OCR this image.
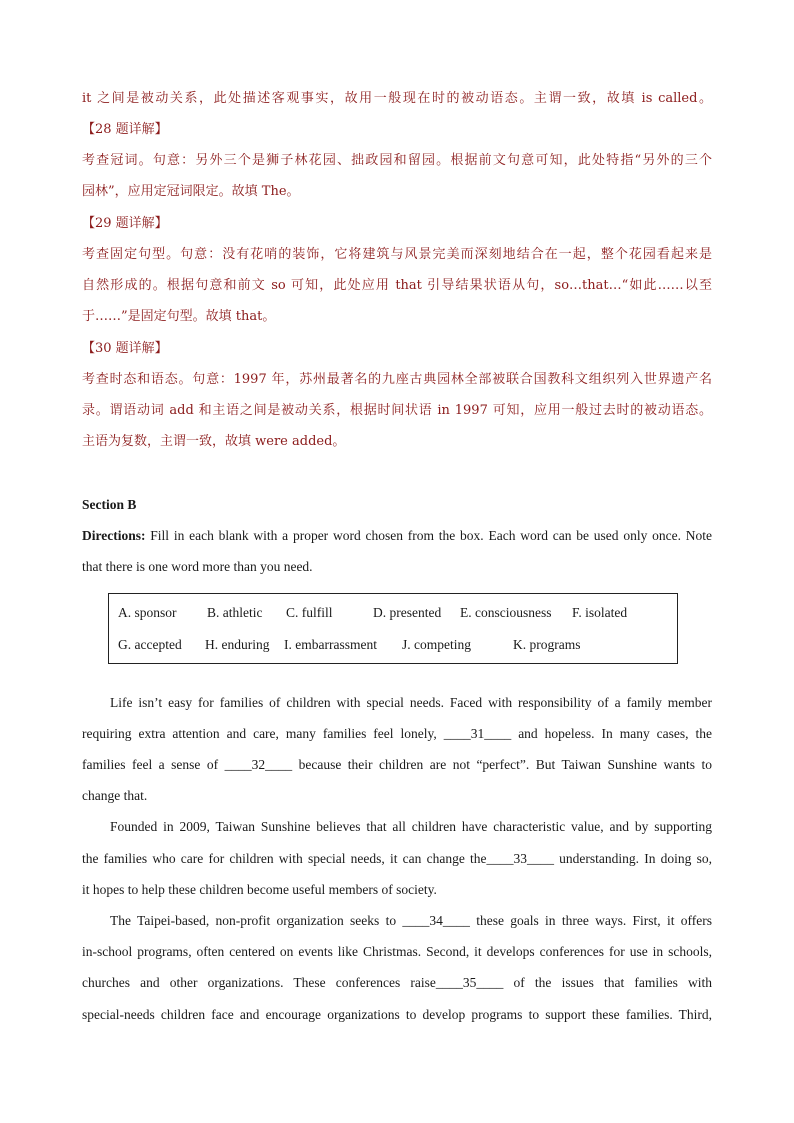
it 之间是被动关系，此处描述客观事实，故用一般现在时的被动语态。主谓一致，故填 is called。
【28 题详解】
考查冠词。句意：另外三个是狮子林花园、拙政园和留园。根据前文句意可知，此处特指“另外的三个
园林”，应用定冠词限定。故填 The。
【29 题详解】
考查固定句型。句意：没有花哨的装饰，它将建筑与风景完美而深刻地结合在一起，整个花园看起来是
自然形成的。根据句意和前文 so 可知，此处应用 that 引导结果状语从句，so…that…“如此……以至
于……”是固定句型。故填 that。
【30 题详解】
考查时态和语态。句意：1997 年，苏州最著名的九座古典园林全部被联合国教科文组织列入世界遗产名
录。谓语动词 add 和主语之间是被动关系，根据时间状语 in 1997 可知，应用一般过去时的被动语态。
主语为复数，主谓一致，故填 were added。
Section B
Directions: Fill in each blank with a proper word chosen from the box. Each word can be used only once. Note
that there is one word more than you need.
A. sponsor B. athletic C. fulfill	D. presented E. consciousness F. isolated
G. accepted H. enduring I. embarrassment J. competing	K. programs
Life isn’t easy for families of children with special needs. Faced with responsibility of a family member
requiring extra attention and care, many families feel lonely, ____31____ and hopeless. In many cases, the
families feel a sense of ____32____ because their children are not “perfect”. But Taiwan Sunshine wants to
change that.
Founded in 2009, Taiwan Sunshine believes that all children have characteristic value, and by supporting
the families who care for children with special needs, it can change the____33____ understanding. In doing so,
it hopes to help these children become useful members of society.
The Taipei-based, non-profit organization seeks to ____34____ these goals in three ways. First, it offers
in-school programs, often centered on events like Christmas. Second, it develops conferences for use in schools,
churches and other organizations. These conferences raise____35____ of the issues that families with
special-needs children face and encourage organizations to develop programs to support these families. Third,
